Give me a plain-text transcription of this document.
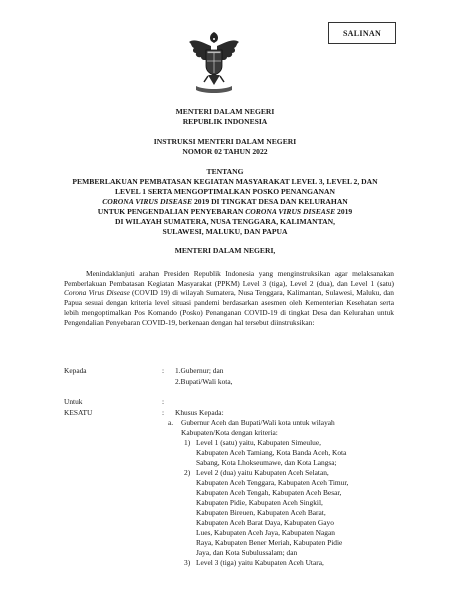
SALINAN
MENTERI DALAM NEGERI
REPUBLIK INDONESIA
INSTRUKSI MENTERI DALAM NEGERI
NOMOR 02 TAHUN 2022
TENTANG
PEMBERLAKUAN PEMBATASAN KEGIATAN MASYARAKAT LEVEL 3, LEVEL 2, DAN
LEVEL 1 SERTA MENGOPTIMALKAN POSKO PENANGANAN
CORONA VIRUS DISEASE 2019 DI TINGKAT DESA DAN KELURAHAN
UNTUK PENGENDALIAN PENYEBARAN CORONA VIRUS DISEASE 2019
DI WILAYAH SUMATERA, NUSA TENGGARA, KALIMANTAN,
SULAWESI, MALUKU, DAN PAPUA
MENTERI DALAM NEGERI,
Menindaklanjuti arahan Presiden Republik Indonesia yang menginstruksikan agar melaksanakan Pemberlakuan Pembatasan Kegiatan Masyarakat (PPKM) Level 3 (tiga), Level 2 (dua), dan Level 1 (satu) Corona Virus Disease (COVID 19) di wilayah Sumatera, Nusa Tenggara, Kalimantan, Sulawesi, Maluku, dan Papua sesuai dengan kriteria level situasi pandemi berdasarkan asesmen oleh Kementerian Kesehatan serta lebih mengoptimalkan Pos Komando (Posko) Penanganan COVID-19 di tingkat Desa dan Kelurahan untuk Pengendalian Penyebaran COVID-19, berkenaan dengan hal tersebut diinstruksikan:
Kepada	: 1.Gubernur; dan
2.Bupati/Wali kota,
Untuk	:
KESATU	: Khusus Kepada:
a. Gubernur Aceh dan Bupati/Wali kota untuk wilayah
Kabupaten/Kota dengan kriteria:
1) Level 1 (satu) yaitu, Kabupaten Simeulue,
Kabupaten Aceh Tamiang, Kota Banda Aceh, Kota
Sabang, Kota Lhokseumawe, dan Kota Langsa;
2) Level 2 (dua) yaitu Kabupaten Aceh Selatan,
Kabupaten Aceh Tenggara, Kabupaten Aceh Timur,
Kabupaten Aceh Tengah, Kabupaten Aceh Besar,
Kabupaten Pidie, Kabupaten Aceh Singkil,
Kabupaten Bireuen, Kabupaten Aceh Barat,
Kabupaten Aceh Barat Daya, Kabupaten Gayo
Lues, Kabupaten Aceh Jaya, Kabupaten Nagan
Raya, Kabupaten Bener Meriah, Kabupaten Pidie
Jaya, dan Kota Subulussalam; dan
3) Level 3 (tiga) yaitu Kabupaten Aceh Utara,
